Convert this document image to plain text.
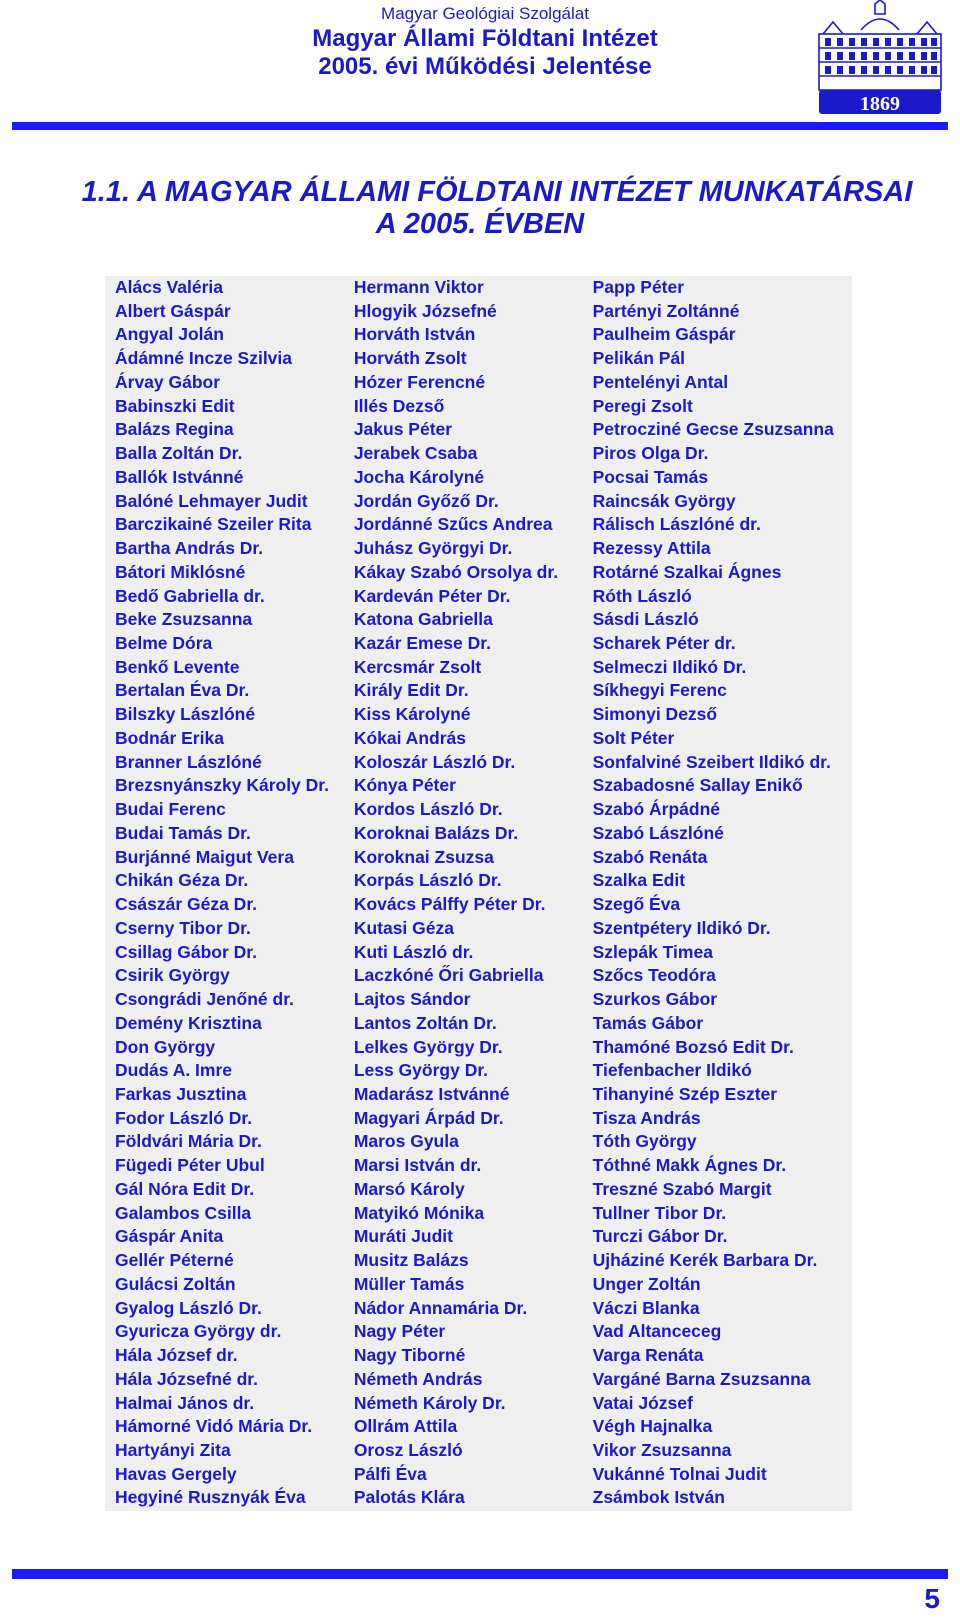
Magyar Geológiai Szolgálat
Magyar Állami Földtani Intézet
2005. évi Működési Jelentése
1869
1.1. A MAGYAR ÁLLAMI FÖLDTANI INTÉZET MUNKATÁRSAI
A 2005. ÉVBEN
Alács Valéria
Albert Gáspár
Angyal Jolán
Ádámné Incze Szilvia
Árvay Gábor
Babinszki Edit
Balázs Regina
Balla Zoltán Dr.
Ballók Istvánné
Balóné Lehmayer Judit
Barczikainé Szeiler Rita
Bartha András Dr.
Bátori Miklósné
Bedő Gabriella dr.
Beke Zsuzsanna
Belme Dóra
Benkő Levente
Bertalan Éva Dr.
Bilszky Lászlóné
Bodnár Erika
Branner Lászlóné
Brezsnyánszky Károly Dr.
Budai Ferenc
Budai Tamás Dr.
Burjánné Maigut Vera
Chikán Géza Dr.
Császár Géza Dr.
Cserny Tibor Dr.
Csillag Gábor Dr.
Csirik György
Csongrádi Jenőné dr.
Demény Krisztina
Don György
Dudás A. Imre
Farkas Jusztina
Fodor László Dr.
Földvári Mária Dr.
Fügedi Péter Ubul
Gál Nóra Edit Dr.
Galambos Csilla
Gáspár Anita
Gellér Péterné
Gulácsi Zoltán
Gyalog László Dr.
Gyuricza György dr.
Hála József dr.
Hála Józsefné dr.
Halmai János dr.
Hámorné Vidó Mária Dr.
Hartyányi Zita
Havas Gergely
Hegyiné Rusznyák Éva
Hermann Viktor
Hlogyik Józsefné
Horváth István
Horváth Zsolt
Hózer Ferencné
Illés Dezső
Jakus Péter
Jerabek Csaba
Jocha Károlyné
Jordán Győző Dr.
Jordánné Szűcs Andrea
Juhász Györgyi Dr.
Kákay Szabó Orsolya dr.
Kardeván Péter Dr.
Katona Gabriella
Kazár Emese Dr.
Kercsmár Zsolt
Király Edit Dr.
Kiss Károlyné
Kókai András
Koloszár László Dr.
Kónya Péter
Kordos László Dr.
Koroknai Balázs Dr.
Koroknai Zsuzsa
Korpás László Dr.
Kovács Pálffy Péter Dr.
Kutasi Géza
Kuti László dr.
Laczkóné Őri Gabriella
Lajtos Sándor
Lantos Zoltán Dr.
Lelkes György Dr.
Less György Dr.
Madarász Istvánné
Magyari Árpád Dr.
Maros Gyula
Marsi István dr.
Marsó Károly
Matyikó Mónika
Muráti Judit
Musitz Balázs
Müller Tamás
Nádor Annamária Dr.
Nagy Péter
Nagy Tiborné
Németh András
Németh Károly Dr.
Ollrám Attila
Orosz László
Pálfi Éva
Palotás Klára
Papp Péter
Partényi Zoltánné
Paulheim Gáspár
Pelikán Pál
Pentelényi Antal
Peregi Zsolt
Petrocziné Gecse Zsuzsanna
Piros Olga Dr.
Pocsai Tamás
Raincsák György
Rálisch Lászlóné dr.
Rezessy Attila
Rotárné Szalkai Ágnes
Róth László
Sásdi László
Scharek Péter dr.
Selmeczi Ildikó Dr.
Síkhegyi Ferenc
Simonyi Dezső
Solt Péter
Sonfalviné Szeibert Ildikó dr.
Szabadosné Sallay Enikő
Szabó Árpádné
Szabó Lászlóné
Szabó Renáta
Szalka Edit
Szegő Éva
Szentpétery Ildikó Dr.
Szlepák Timea
Szőcs Teodóra
Szurkos Gábor
Tamás Gábor
Thamóné Bozsó Edit Dr.
Tiefenbacher Ildikó
Tihanyiné Szép Eszter
Tisza András
Tóth György
Tóthné Makk Ágnes Dr.
Treszné Szabó Margit
Tullner Tibor Dr.
Turczi Gábor Dr.
Ujháziné Kerék Barbara Dr.
Unger Zoltán
Váczi Blanka
Vad Altanceceg
Varga Renáta
Vargáné Barna Zsuzsanna
Vatai József
Végh Hajnalka
Vikor Zsuzsanna
Vukánné Tolnai Judit
Zsámbok István
5
